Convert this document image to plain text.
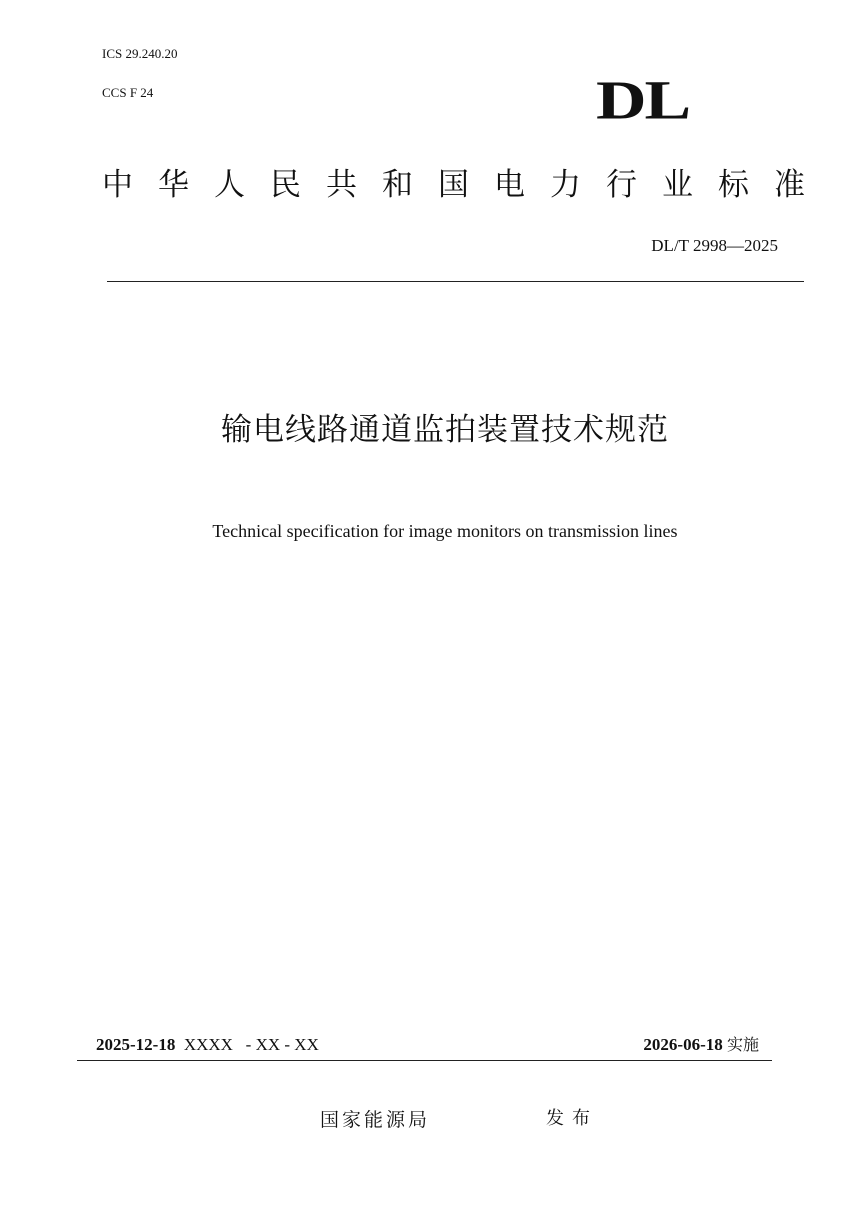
ICS 29.240.20
CCS F 24	DL
中 华 人 民 共 和 国 电 力 行 业 标 准
DL/T 2998—2025
输电线路通道监拍装置技术规范
Technical specification for image monitors on transmission lines
2025-12-18  XXXX   - XX - XX	2026-06-18 实施
国家能源局	发布
